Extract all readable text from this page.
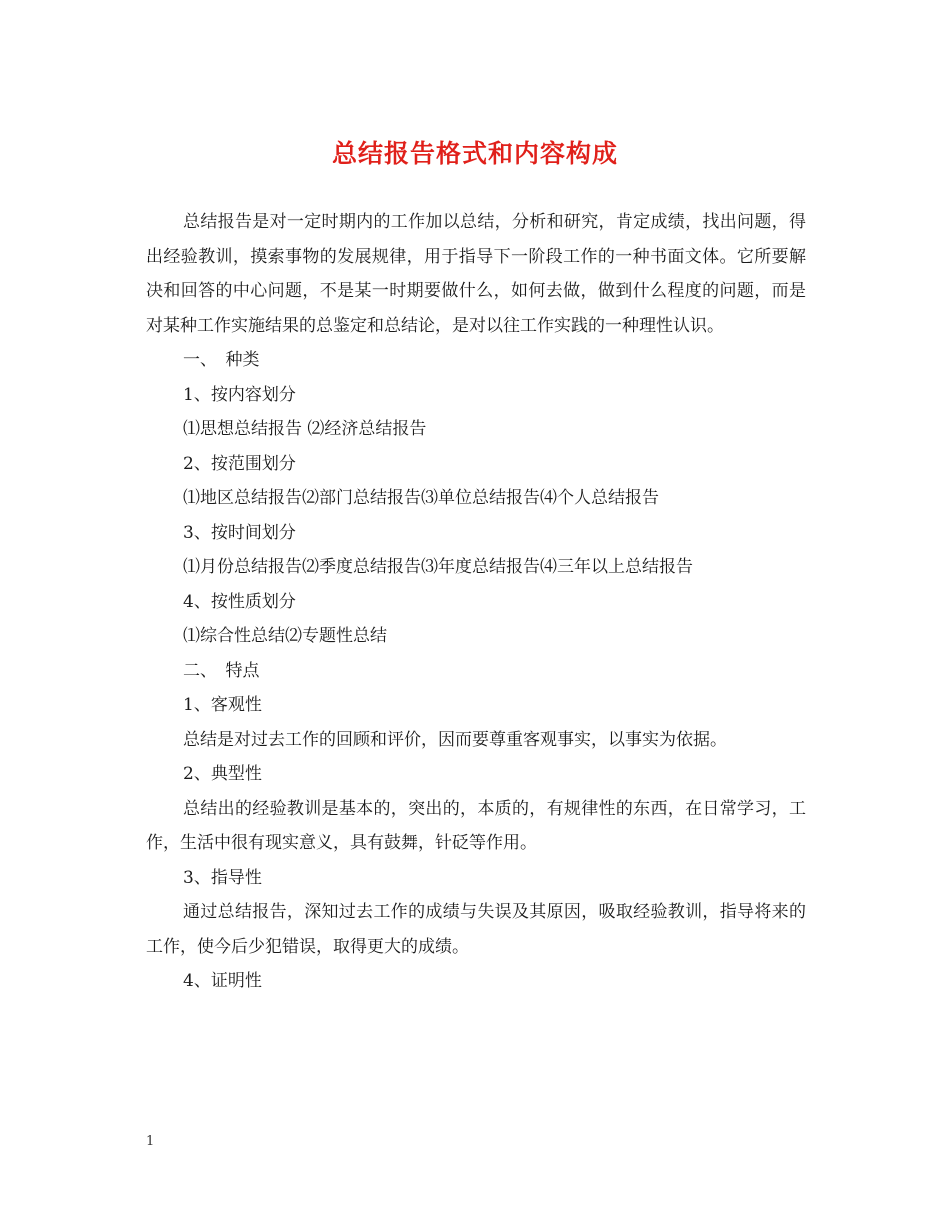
总结报告格式和内容构成

总结报告是对一定时期内的工作加以总结，分析和研究，肯定成绩，找出问题，得出经验教训，摸索事物的发展规律，用于指导下一阶段工作的一种书面文体。它所要解决和回答的中心问题，不是某一时期要做什么，如何去做，做到什么程度的问题，而是对某种工作实施结果的总鉴定和总结论，是对以往工作实践的一种理性认识。

一、　种类

1、按内容划分

⑴思想总结报告 ⑵经济总结报告

2、按范围划分

⑴地区总结报告⑵部门总结报告⑶单位总结报告⑷个人总结报告

3、按时间划分

⑴月份总结报告⑵季度总结报告⑶年度总结报告⑷三年以上总结报告

4、按性质划分

⑴综合性总结⑵专题性总结

二、　特点

1、客观性

总结是对过去工作的回顾和评价，因而要尊重客观事实，以事实为依据。

2、典型性

总结出的经验教训是基本的，突出的，本质的，有规律性的东西，在日常学习，工作，生活中很有现实意义，具有鼓舞，针砭等作用。

3、指导性

通过总结报告，深知过去工作的成绩与失误及其原因，吸取经验教训，指导将来的工作，使今后少犯错误，取得更大的成绩。

4、证明性

1
